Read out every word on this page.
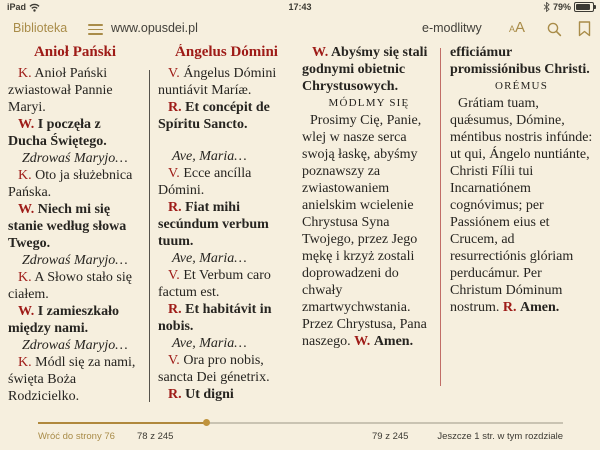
iPad	17:43	79%
Biblioteka	www.opusdei.pl	e-modlitwy	AA
Anioł Pański

K. Anioł Pański zwiastował Pannie Maryi.

W. I poczęła z Ducha Świętego.

Zdrowaś Maryjo…

K. Oto ja służebnica Pańska.

W. Niech mi się stanie według słowa Twego.

Zdrowaś Maryjo…

K. A Słowo stało się ciałem.

W. I zamieszkało między nami.

Zdrowaś Maryjo…

K. Módl się za nami, święta Boża Rodzicielko.

Ángelus Dómini

V. Ángelus Dómini nuntiávit Maríæ.

R. Et concépit de Spíritu Sancto.

Ave, Maria…

V. Ecce ancílla Dómini.

R. Fiat mihi secúndum verbum tuum.

Ave, Maria…

V. Et Verbum caro factum est.

R. Et habitávit in nobis.

Ave, Maria…

V. Ora pro nobis, sancta Dei génetrix.

R. Ut digni

W. Abyśmy się stali godnymi obietnic Chrystusowych.

MÓDLMY SIĘ

Prosimy Cię, Panie, wlej w nasze serca swoją łaskę, abyśmy poznawszy za zwiastowaniem anielskim wcielenie Chrystusa Syna Twojego, przez Jego mękę i krzyż zostali doprowadzeni do chwały zmartwychwstania. Przez Chrystusa, Pana naszego. W. Amen.

efficiámur promissiónibus Christi.

ORÉMUS

Grátiam tuam, quǽsumus, Dómine, méntibus nostris infúnde: ut qui, Ángelo nuntiánte, Christi Fílii tui Incarnatiónem cognóvimus; per Passiónem eius et Crucem, ad resurrectiónis glóriam perducámur. Per Christum Dóminum nostrum. R. Amen.

Wróć do strony 76 78 z 245	79 z 245	Jeszcze 1 str. w tym rozdziale
